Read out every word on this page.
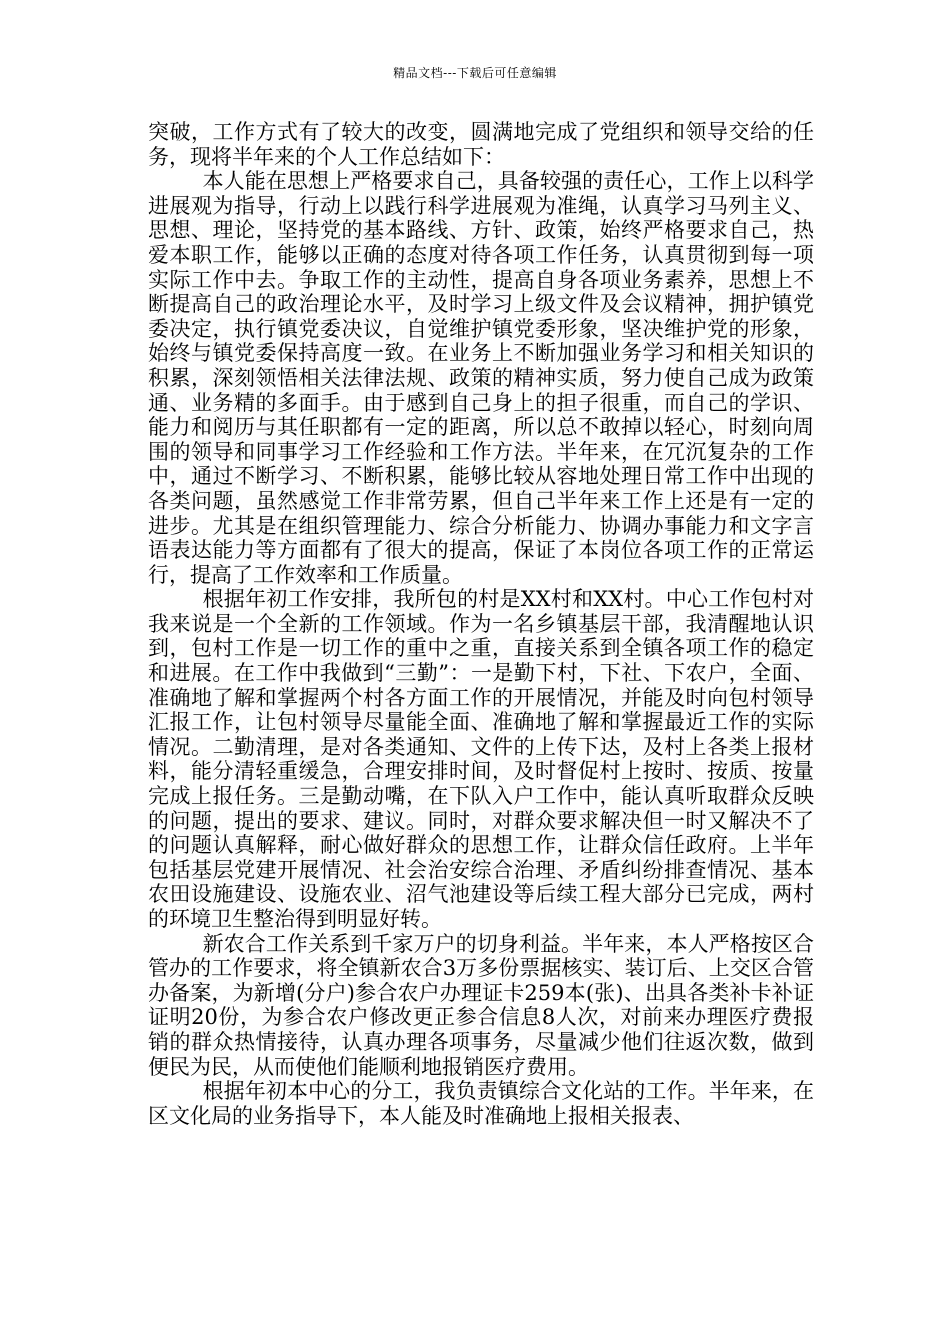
精品文档---下载后可任意编辑

突破，工作方式有了较大的改变，圆满地完成了党组织和领导交给的任务，现将半年来的个人工作总结如下：

本人能在思想上严格要求自己，具备较强的责任心，工作上以科学进展观为指导，行动上以践行科学进展观为准绳，认真学习马列主义、思想、理论，坚持党的基本路线、方针、政策，始终严格要求自己，热爱本职工作，能够以正确的态度对待各项工作任务，认真贯彻到每一项实际工作中去。争取工作的主动性，提高自身各项业务素养，思想上不断提高自己的政治理论水平，及时学习上级文件及会议精神，拥护镇党委决定，执行镇党委决议，自觉维护镇党委形象，坚决维护党的形象，始终与镇党委保持高度一致。在业务上不断加强业务学习和相关知识的积累，深刻领悟相关法律法规、政策的精神实质，努力使自己成为政策通、业务精的多面手。由于感到自己身上的担子很重，而自己的学识、能力和阅历与其任职都有一定的距离，所以总不敢掉以轻心，时刻向周围的领导和同事学习工作经验和工作方法。半年来，在冗沉复杂的工作中，通过不断学习、不断积累，能够比较从容地处理日常工作中出现的各类问题，虽然感觉工作非常劳累，但自己半年来工作上还是有一定的进步。尤其是在组织管理能力、综合分析能力、协调办事能力和文字言语表达能力等方面都有了很大的提高，保证了本岗位各项工作的正常运行，提高了工作效率和工作质量。

根据年初工作安排，我所包的村是XX村和XX村。中心工作包村对我来说是一个全新的工作领域。作为一名乡镇基层干部，我清醒地认识到，包村工作是一切工作的重中之重，直接关系到全镇各项工作的稳定和进展。在工作中我做到“三勤”：一是勤下村，下社、下农户，全面、准确地了解和掌握两个村各方面工作的开展情况，并能及时向包村领导汇报工作，让包村领导尽量能全面、准确地了解和掌握最近工作的实际情况。二勤清理，是对各类通知、文件的上传下达，及村上各类上报材料，能分清轻重缓急，合理安排时间，及时督促村上按时、按质、按量完成上报任务。三是勤动嘴，在下队入户工作中，能认真听取群众反映的问题，提出的要求、建议。同时，对群众要求解决但一时又解决不了的问题认真解释，耐心做好群众的思想工作，让群众信任政府。上半年包括基层党建开展情况、社会治安综合治理、矛盾纠纷排查情况、基本农田设施建设、设施农业、沼气池建设等后续工程大部分已完成，两村的环境卫生整治得到明显好转。

新农合工作关系到千家万户的切身利益。半年来，本人严格按区合管办的工作要求，将全镇新农合3万多份票据核实、装订后、上交区合管办备案，为新增(分户)参合农户办理证卡259本(张)、出具各类补卡补证证明20份，为参合农户修改更正参合信息8人次，对前来办理医疗费报销的群众热情接待，认真办理各项事务，尽量减少他们往返次数，做到便民为民，从而使他们能顺利地报销医疗费用。

根据年初本中心的分工，我负责镇综合文化站的工作。半年来，在区文化局的业务指导下，本人能及时准确地上报相关报表、
